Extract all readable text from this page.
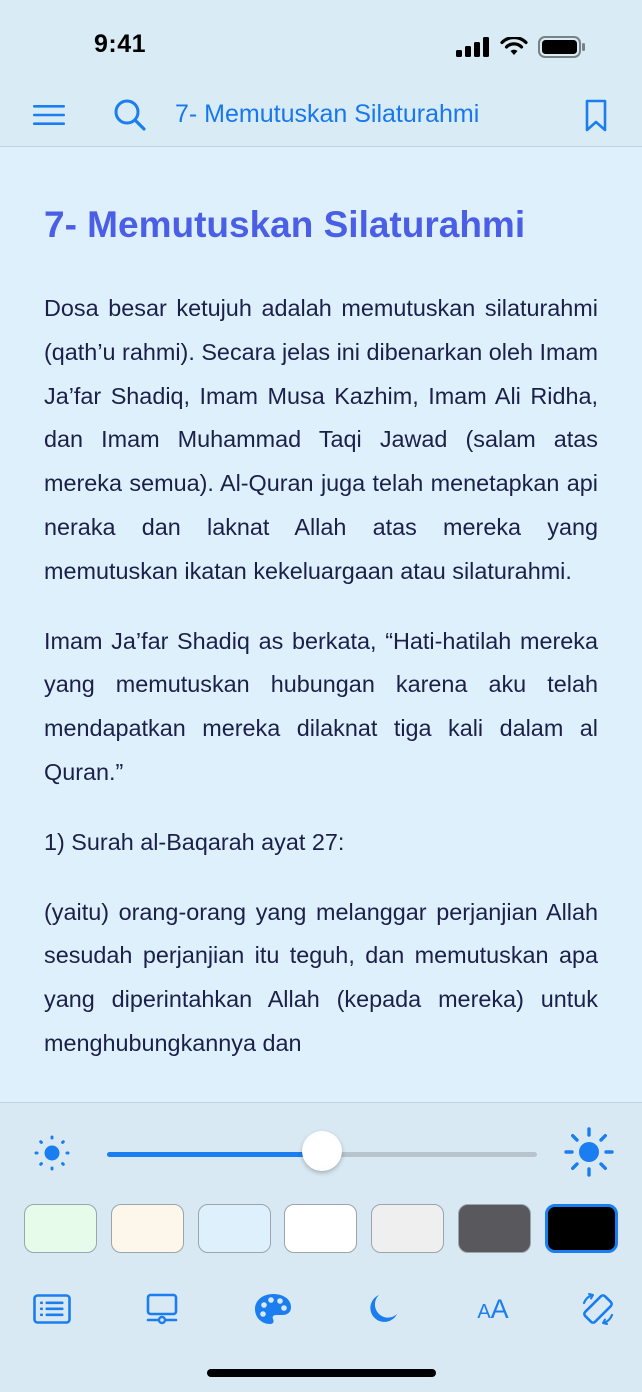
9:41
7- Memutuskan Silaturahmi
7- Memutuskan Silaturahmi

Dosa besar ketujuh adalah memutuskan silaturahmi (qath’u rahmi). Secara jelas ini dibenarkan oleh Imam Ja’far Shadiq, Imam Musa Kazhim, Imam Ali Ridha, dan Imam Muhammad Taqi Jawad (salam atas mereka semua). Al-Quran juga telah menetapkan api neraka dan laknat Allah atas mereka yang memutuskan ikatan kekeluargaan atau silaturahmi.

Imam Ja’far Shadiq as berkata, “Hati-hatilah mereka yang memutuskan hubungan karena aku telah mendapatkan mereka dilaknat tiga kali dalam al Quran.”

1) Surah al-Baqarah ayat 27:

(yaitu) orang-orang yang melanggar perjanjian Allah sesudah perjanjian itu teguh, dan memutuskan apa yang diperintahkan Allah (kepada mereka) untuk menghubungkannya dan

AA
